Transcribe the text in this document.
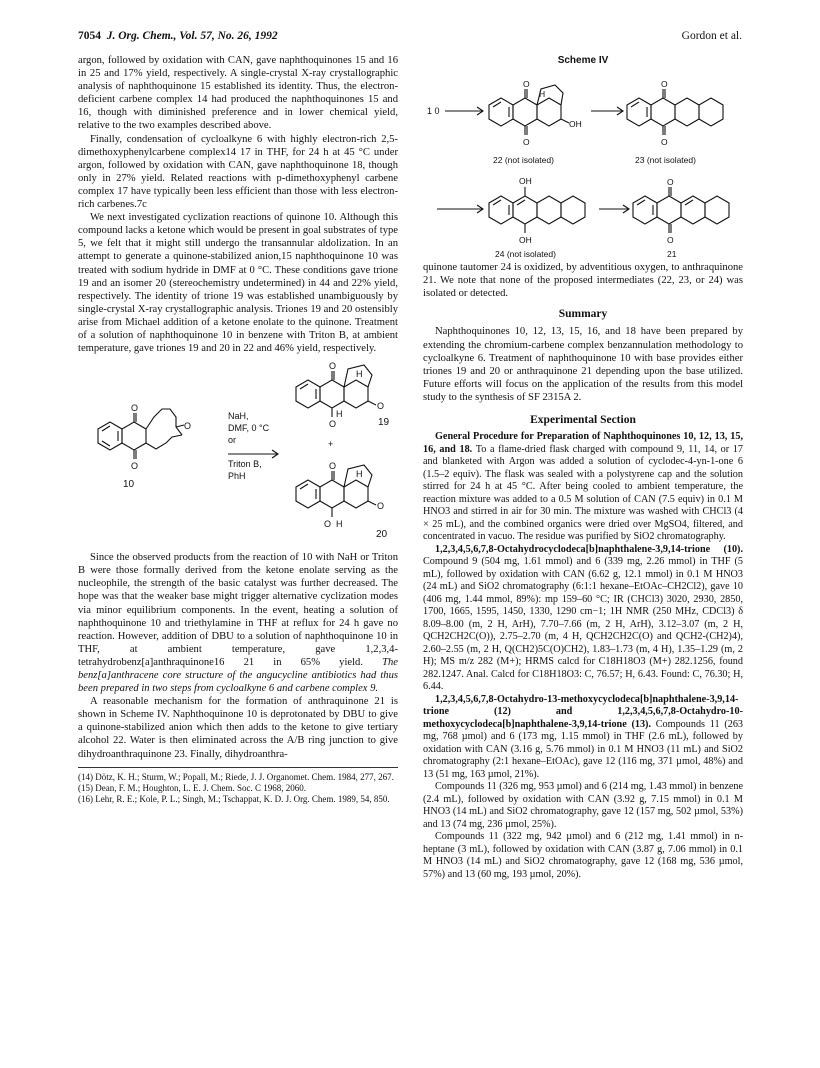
7054 J. Org. Chem., Vol. 57, No. 26, 1992	Gordon et al.

argon, followed by oxidation with CAN, gave naphthoquinones 15 and 16 in 25 and 17% yield, respectively. A single-crystal X-ray crystallographic analysis of naphthoquinone 15 established its identity. Thus, the electron-deficient carbene complex 14 had produced the naphthoquinones 15 and 16, though with diminished preference and in lower chemical yield, relative to the two examples described above.

Finally, condensation of cycloalkyne 6 with highly electron-rich 2,5-dimethoxyphenylcarbene complex14 17 in THF, for 24 h at 45 °C under argon, followed by oxidation with CAN, gave naphthoquinone 18, though only in 27% yield. Related reactions with p-dimethoxyphenyl carbene complex 17 have typically been less efficient than those with less electron-rich carbenes.7c

We next investigated cyclization reactions of quinone 10. Although this compound lacks a ketone which would be present in goal substrates of type 5, we felt that it might still undergo the transannular aldolization. In an attempt to generate a quinone-stabilized anion,15 naphthoquinone 10 was treated with sodium hydride in DMF at 0 °C. These conditions gave trione 19 and an isomer 20 (stereochemistry undetermined) in 44 and 22% yield, respectively. The identity of trione 19 was established unambiguously by single-crystal X-ray crystallographic analysis. Triones 19 and 20 ostensibly arise from Michael addition of a ketone enolate to the quinone. Treatment of a solution of naphthoquinone 10 in benzene with Triton B, at ambient temperature, gave triones 19 and 20 in 22 and 46% yield, respectively.

O
O
O
10
NaH,
DMF, 0 °C
or
Triton B,
PhH
O
O
O
H
H
19
+
O
O
O H
H
20

Since the observed products from the reaction of 10 with NaH or Triton B were those formally derived from the ketone enolate serving as the nucleophile, the strength of the basic catalyst was further decreased. The hope was that the weaker base might trigger alternative cyclization modes via minor equilibrium components. In the event, heating a solution of naphthoquinone 10 and triethylamine in THF at reflux for 24 h gave no reaction. However, addition of DBU to a solution of naphthoquinone 10 in THF, at ambient temperature, gave 1,2,3,4-tetrahydrobenz[a]anthraquinone16 21 in 65% yield. The benz[a]anthracene core structure of the angucycline antibiotics had thus been prepared in two steps from cycloalkyne 6 and carbene complex 9.

A reasonable mechanism for the formation of anthraquinone 21 is shown in Scheme IV. Naphthoquinone 10 is deprotonated by DBU to give a quinone-stabilized anion which then adds to the ketone to give tertiary alcohol 22. Water is then eliminated across the A/B ring junction to give dihydroanthraquinone 23. Finally, dihydroanthra-

(14) Dötz, K. H.; Sturm, W.; Popall, M.; Riede, J. J. Organomet. Chem. 1984, 277, 267.
(15) Dean, F. M.; Houghton, L. E. J. Chem. Soc. C 1968, 2060.
(16) Lehr, R. E.; Kole, P. L.; Singh, M.; Tschappat, K. D. J. Org. Chem. 1989, 54, 850.
Scheme IV
1 0
O
O
H
OH
O
O
22 (not isolated)	23 (not isolated)
OH
OH
O
O
24 (not isolated)	21

quinone tautomer 24 is oxidized, by adventitious oxygen, to anthraquinone 21. We note that none of the proposed intermediates (22, 23, or 24) was isolated or detected.

Summary

Naphthoquinones 10, 12, 13, 15, 16, and 18 have been prepared by extending the chromium-carbene complex benzannulation methodology to cycloalkyne 6. Treatment of naphthoquinone 10 with base provides either triones 19 and 20 or anthraquinone 21 depending upon the base utilized. Future efforts will focus on the application of the results from this model study to the synthesis of SF 2315A 2.

Experimental Section

General Procedure for Preparation of Naphthoquinones 10, 12, 13, 15, 16, and 18. To a flame-dried flask charged with compound 9, 11, 14, or 17 and blanketed with Argon was added a solution of cyclodec-4-yn-1-one 6 (1.5–2 equiv). The flask was sealed with a polystyrene cap and the solution stirred for 24 h at 45 °C. After being cooled to ambient temperature, the reaction mixture was added to a 0.5 M solution of CAN (7.5 equiv) in 0.1 M HNO3 and stirred in air for 30 min. The mixture was washed with CHCl3 (4 × 25 mL), and the combined organics were dried over MgSO4, filtered, and concentrated in vacuo. The residue was purified by SiO2 chromatography.

1,2,3,4,5,6,7,8-Octahydrocyclodeca[b]naphthalene-3,9,14-trione (10). Compound 9 (504 mg, 1.61 mmol) and 6 (339 mg, 2.26 mmol) in THF (5 mL), followed by oxidation with CAN (6.62 g, 12.1 mmol) in 0.1 M HNO3 (24 mL) and SiO2 chromatography (6:1:1 hexane–EtOAc–CH2Cl2), gave 10 (406 mg, 1.44 mmol, 89%): mp 159–60 °C; IR (CHCl3) 3020, 2930, 2850, 1700, 1665, 1595, 1450, 1330, 1290 cm−1; 1H NMR (250 MHz, CDCl3) δ 8.09–8.00 (m, 2 H, ArH), 7.70–7.66 (m, 2 H, ArH), 3.12–3.07 (m, 2 H, QCH2CH2C(O)), 2.75–2.70 (m, 4 H, QCH2CH2C(O) and QCH2-(CH2)4), 2.60–2.55 (m, 2 H, Q(CH2)5C(O)CH2), 1.83–1.73 (m, 4 H), 1.35–1.29 (m, 2 H); MS m/z 282 (M+); HRMS calcd for C18H18O3 (M+) 282.1256, found 282.1247. Anal. Calcd for C18H18O3: C, 76.57; H, 6.43. Found: C, 76.30; H, 6.44.

1,2,3,4,5,6,7,8-Octahydro-13-methoxycyclodeca[b]naphthalene-3,9,14-trione (12) and 1,2,3,4,5,6,7,8-Octahydro-10-methoxycyclodeca[b]naphthalene-3,9,14-trione (13). Compounds 11 (263 mg, 768 µmol) and 6 (173 mg, 1.15 mmol) in THF (2.6 mL), followed by oxidation with CAN (3.16 g, 5.76 mmol) in 0.1 M HNO3 (11 mL) and SiO2 chromatography (2:1 hexane–EtOAc), gave 12 (116 mg, 371 µmol, 48%) and 13 (51 mg, 163 µmol, 21%).

Compounds 11 (326 mg, 953 µmol) and 6 (214 mg, 1.43 mmol) in benzene (2.4 mL), followed by oxidation with CAN (3.92 g, 7.15 mmol) in 0.1 M HNO3 (14 mL) and SiO2 chromatography, gave 12 (157 mg, 502 µmol, 53%) and 13 (74 mg, 236 µmol, 25%).

Compounds 11 (322 mg, 942 µmol) and 6 (212 mg, 1.41 mmol) in n-heptane (3 mL), followed by oxidation with CAN (3.87 g, 7.06 mmol) in 0.1 M HNO3 (14 mL) and SiO2 chromatography, gave 12 (168 mg, 536 µmol, 57%) and 13 (60 mg, 193 µmol, 20%).
